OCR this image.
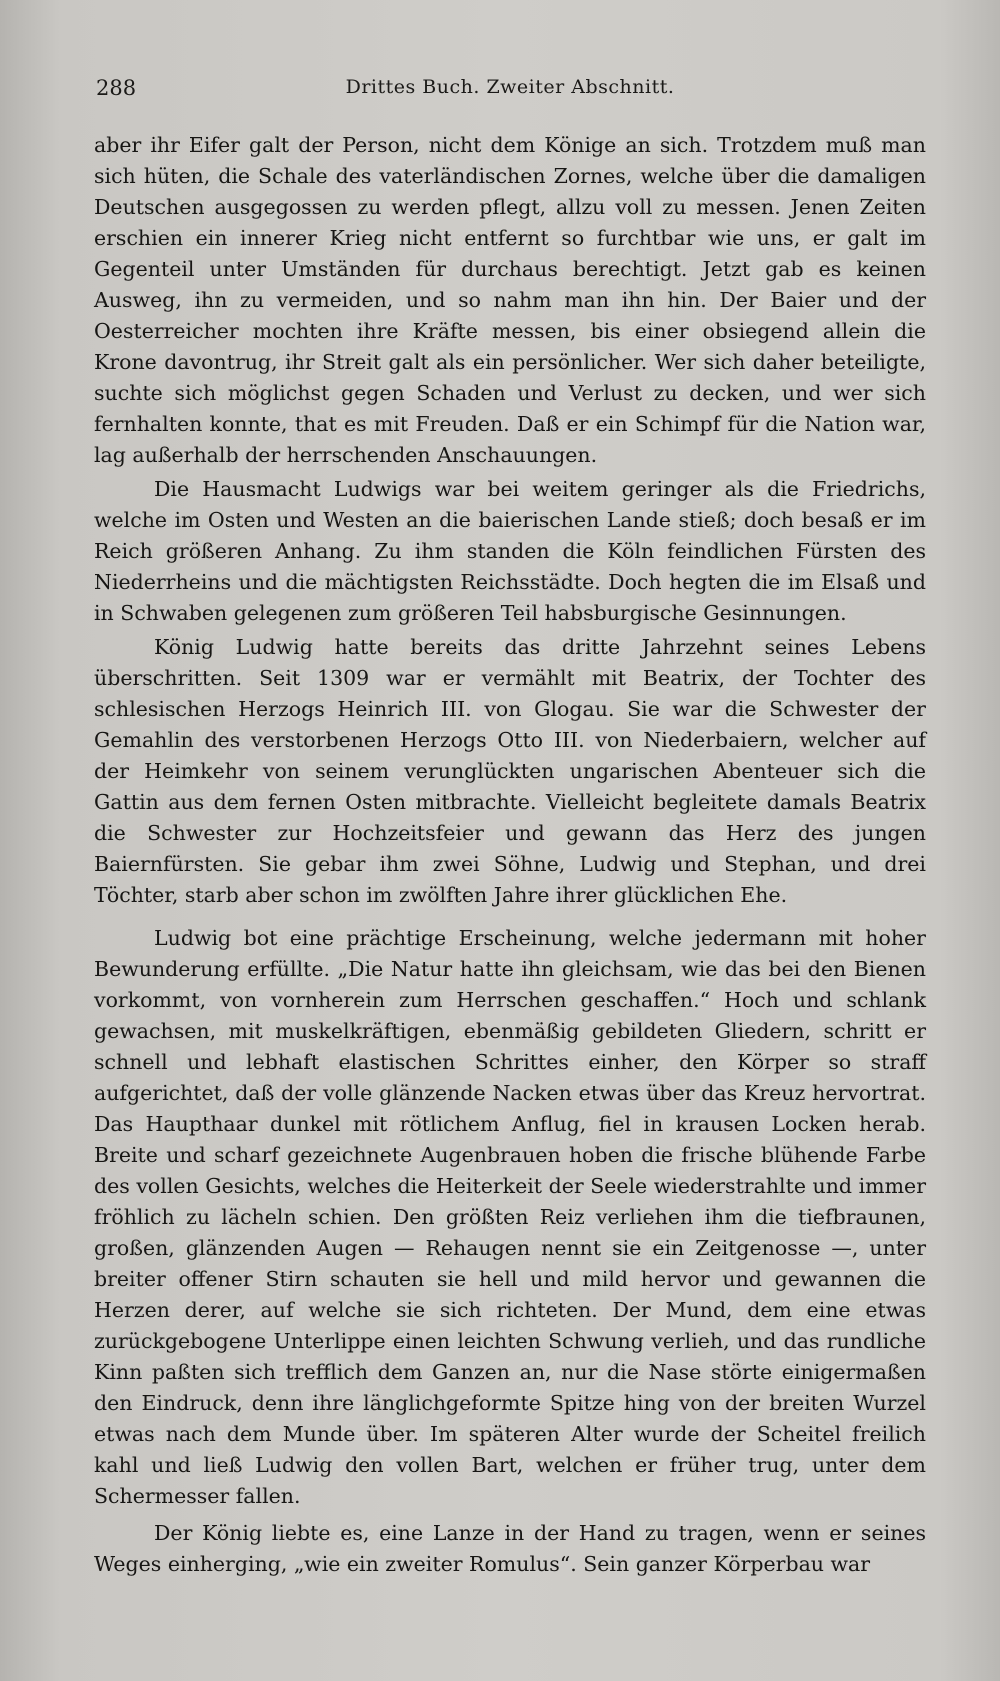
288	Drittes Buch. Zweiter Abschnitt.

aber ihr Eifer galt der Person, nicht dem Könige an sich. Trotzdem muß man sich hüten, die Schale des vaterländischen Zornes, welche über die damaligen Deutschen ausgegossen zu werden pflegt, allzu voll zu messen. Jenen Zeiten erschien ein innerer Krieg nicht entfernt so furchtbar wie uns, er galt im Gegenteil unter Umständen für durchaus berechtigt. Jetzt gab es keinen Ausweg, ihn zu vermeiden, und so nahm man ihn hin. Der Baier und der Oesterreicher mochten ihre Kräfte messen, bis einer obsiegend allein die Krone davontrug, ihr Streit galt als ein persönlicher. Wer sich daher beteiligte, suchte sich möglichst gegen Schaden und Verlust zu decken, und wer sich fernhalten konnte, that es mit Freuden. Daß er ein Schimpf für die Nation war, lag außerhalb der herrschenden Anschauungen.

Die Hausmacht Ludwigs war bei weitem geringer als die Friedrichs, welche im Osten und Westen an die baierischen Lande stieß; doch besaß er im Reich größeren Anhang. Zu ihm standen die Köln feindlichen Fürsten des Niederrheins und die mächtigsten Reichsstädte. Doch hegten die im Elsaß und in Schwaben gelegenen zum größeren Teil habsburgische Gesinnungen.

König Ludwig hatte bereits das dritte Jahrzehnt seines Lebens überschritten. Seit 1309 war er vermählt mit Beatrix, der Tochter des schlesischen Herzogs Heinrich III. von Glogau. Sie war die Schwester der Gemahlin des verstorbenen Herzogs Otto III. von Niederbaiern, welcher auf der Heimkehr von seinem verunglückten ungarischen Abenteuer sich die Gattin aus dem fernen Osten mitbrachte. Vielleicht begleitete damals Beatrix die Schwester zur Hochzeitsfeier und gewann das Herz des jungen Baiernfürsten. Sie gebar ihm zwei Söhne, Ludwig und Stephan, und drei Töchter, starb aber schon im zwölften Jahre ihrer glücklichen Ehe.

Ludwig bot eine prächtige Erscheinung, welche jedermann mit hoher Bewunderung erfüllte. „Die Natur hatte ihn gleichsam, wie das bei den Bienen vorkommt, von vornherein zum Herrschen geschaffen.“ Hoch und schlank gewachsen, mit muskelkräftigen, ebenmäßig gebildeten Gliedern, schritt er schnell und lebhaft elastischen Schrittes einher, den Körper so straff aufgerichtet, daß der volle glänzende Nacken etwas über das Kreuz hervortrat. Das Haupthaar dunkel mit rötlichem Anflug, fiel in krausen Locken herab. Breite und scharf gezeichnete Augenbrauen hoben die frische blühende Farbe des vollen Gesichts, welches die Heiterkeit der Seele wiederstrahlte und immer fröhlich zu lächeln schien. Den größten Reiz verliehen ihm die tiefbraunen, großen, glänzenden Augen — Rehaugen nennt sie ein Zeitgenosse —, unter breiter offener Stirn schauten sie hell und mild hervor und gewannen die Herzen derer, auf welche sie sich richteten. Der Mund, dem eine etwas zurückgebogene Unterlippe einen leichten Schwung verlieh, und das rundliche Kinn paßten sich trefflich dem Ganzen an, nur die Nase störte einigermaßen den Eindruck, denn ihre länglichgeformte Spitze hing von der breiten Wurzel etwas nach dem Munde über. Im späteren Alter wurde der Scheitel freilich kahl und ließ Ludwig den vollen Bart, welchen er früher trug, unter dem Schermesser fallen.

Der König liebte es, eine Lanze in der Hand zu tragen, wenn er seines Weges einherging, „wie ein zweiter Romulus“. Sein ganzer Körperbau war
